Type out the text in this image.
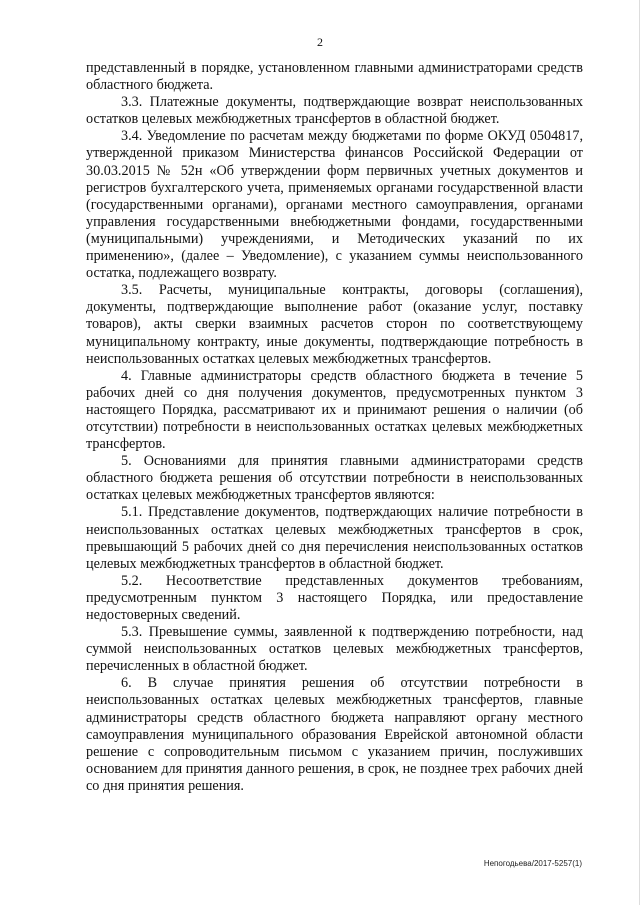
2

представленный в порядке, установленном главными администраторами средств областного бюджета.

3.3. Платежные документы, подтверждающие возврат неиспользованных остатков целевых межбюджетных трансфертов в областной бюджет.

3.4. Уведомление по расчетам между бюджетами по форме ОКУД 0504817, утвержденной приказом Министерства финансов Российской Федерации от 30.03.2015 № 52н «Об утверждении форм первичных учетных документов и регистров бухгалтерского учета, применяемых органами государственной власти (государственными органами), органами местного самоуправления, органами управления государственными внебюджетными фондами, государственными (муниципальными) учреждениями, и Методических указаний по их применению», (далее – Уведомление), с указанием суммы неиспользованного остатка, подлежащего возврату.

3.5. Расчеты, муниципальные контракты, договоры (соглашения), документы, подтверждающие выполнение работ (оказание услуг, поставку товаров), акты сверки взаимных расчетов сторон по соответствующему муниципальному контракту, иные документы, подтверждающие потребность в неиспользованных остатках целевых межбюджетных трансфертов.

4. Главные администраторы средств областного бюджета в течение 5 рабочих дней со дня получения документов, предусмотренных пунктом 3 настоящего Порядка, рассматривают их и принимают решения о наличии (об отсутствии) потребности в неиспользованных остатках целевых межбюджетных трансфертов.

5. Основаниями для принятия главными администраторами средств областного бюджета решения об отсутствии потребности в неиспользованных остатках целевых межбюджетных трансфертов являются:

5.1. Представление документов, подтверждающих наличие потребности в неиспользованных остатках целевых межбюджетных трансфертов в срок, превышающий 5 рабочих дней со дня перечисления неиспользованных остатков целевых межбюджетных трансфертов в областной бюджет.

5.2. Несоответствие представленных документов требованиям, предусмотренным пунктом 3 настоящего Порядка, или предоставление недостоверных сведений.

5.3. Превышение суммы, заявленной к подтверждению потребности, над суммой неиспользованных остатков целевых межбюджетных трансфертов, перечисленных в областной бюджет.

6. В случае принятия решения об отсутствии потребности в неиспользованных остатках целевых межбюджетных трансфертов, главные администраторы средств областного бюджета направляют органу местного самоуправления муниципального образования Еврейской автономной области решение с сопроводительным письмом с указанием причин, послуживших основанием для принятия данного решения, в срок, не позднее трех рабочих дней со дня принятия решения.

Непогодьева/2017-5257(1)
